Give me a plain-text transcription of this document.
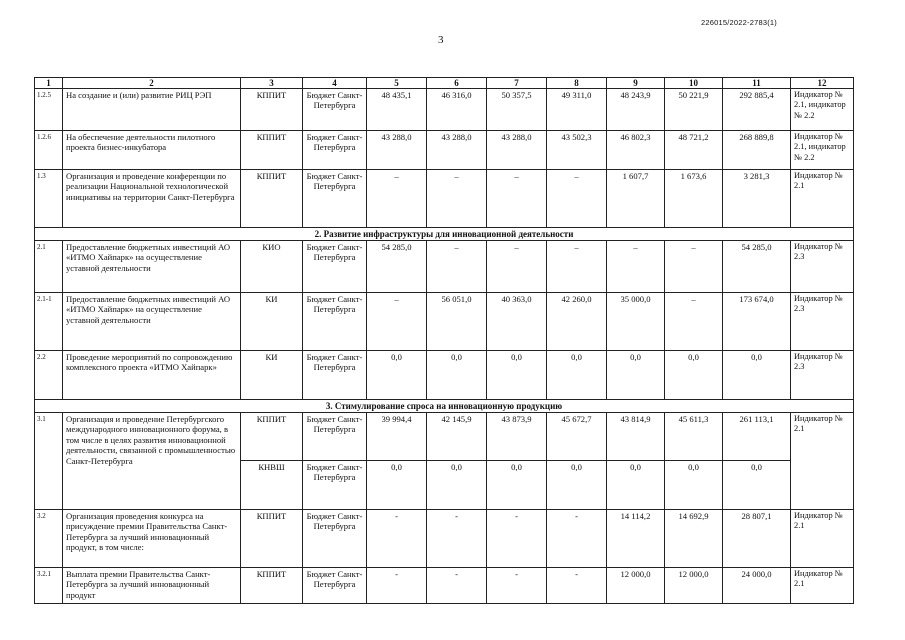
226015/2022-2783(1)
3
1	2	3	4	5	6	7	8	9	10	11	12
1.2.5	На создание и (или) развитие РИЦ РЭП	КППИТ	Бюджет Санкт-Петербурга	48 435,1	46 316,0	50 357,5	49 311,0	48 243,9	50 221,9	292 885,4	Индикатор № 2.1, индикатор № 2.2
1.2.6	На обеспечение деятельности пилотного проекта бизнес-инкубатора	КППИТ	Бюджет Санкт-Петербурга	43 288,0	43 288,0	43 288,0	43 502,3	46 802,3	48 721,2	268 889,8	Индикатор № 2.1, индикатор № 2.2
1.3	Организация и проведение конференции по реализации Национальной технологической инициативы на территории Санкт-Петербурга	КППИТ	Бюджет Санкт-Петербурга	–	–	–	–	1 607,7	1 673,6	3 281,3	Индикатор № 2.1
2. Развитие инфраструктуры для инновационной деятельности											
2.1	Предоставление бюджетных инвестиций АО «ИТМО Хайпарк» на осуществление уставной деятельности	КИО	Бюджет Санкт-Петербурга	54 285,0	–	–	–	–	–	54 285,0	Индикатор № 2.3
2.1-1	Предоставление бюджетных инвестиций АО «ИТМО Хайпарк» на осуществление уставной деятельности	КИ	Бюджет Санкт-Петербурга	–	56 051,0	40 363,0	42 260,0	35 000,0	–	173 674,0	Индикатор № 2.3
2.2	Проведение мероприятий по сопровождению комплексного проекта «ИТМО Хайпарк»	КИ	Бюджет Санкт-Петербурга	0,0	0,0	0,0	0,0	0,0	0,0	0,0	Индикатор № 2.3
3. Стимулирование спроса на инновационную продукцию											
3.1	Организация и проведение Петербургского международного инновационного форума, в том числе в целях развития инновационной деятельности, связанной с промышленностью Санкт-Петербурга	КППИТ	Бюджет Санкт-Петербурга	39 994,4	42 145,9	43 873,9	45 672,7	43 814,9	45 611,3	261 113,1	Индикатор № 2.1
		КНВШ	Бюджет Санкт-Петербурга	0,0	0,0	0,0	0,0	0,0	0,0	0,0	
3.2	Организация проведения конкурса на присуждение премии Правительства Санкт-Петербурга за лучший инновационный продукт, в том числе:	КППИТ	Бюджет Санкт-Петербурга	-	-	-	-	14 114,2	14 692,9	28 807,1	Индикатор № 2.1
3.2.1	Выплата премии Правительства Санкт-Петербурга за лучший инновационный продукт	КППИТ	Бюджет Санкт-Петербурга	-	-	-	-	12 000,0	12 000,0	24 000,0	Индикатор № 2.1
